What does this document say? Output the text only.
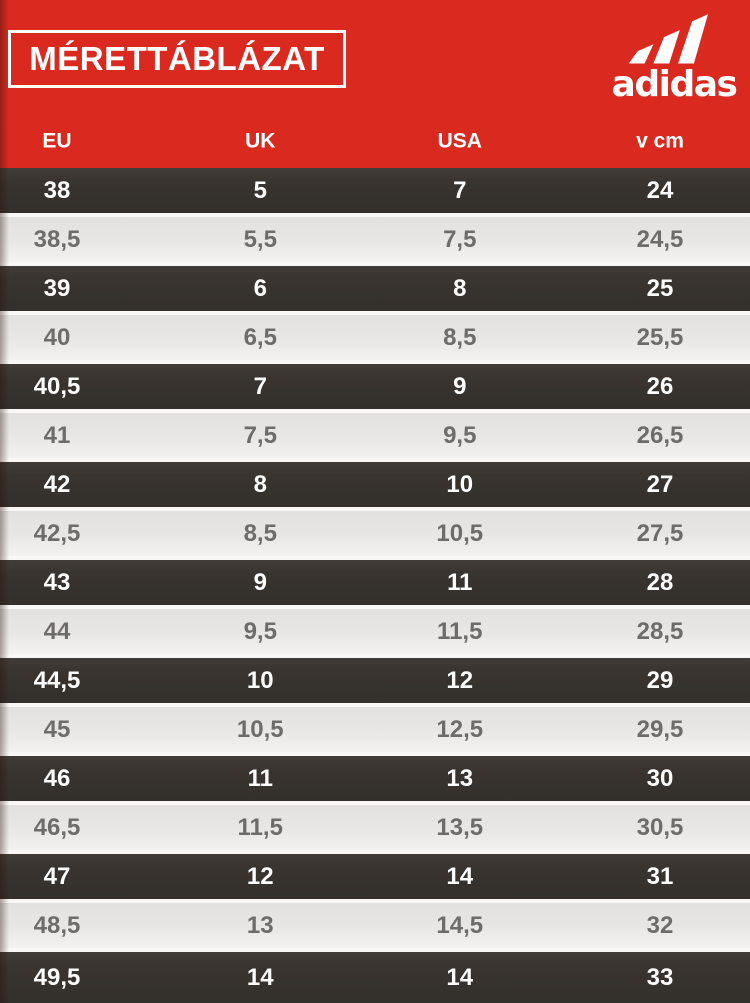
MÉRETTÁBLÁZAT
adidas
EU	UK	USA	v cm
38	5	7	24
38,5	5,5	7,5	24,5
39	6	8	25
40	6,5	8,5	25,5
40,5	7	9	26
41	7,5	9,5	26,5
42	8	10	27
42,5	8,5	10,5	27,5
43	9	11	28
44	9,5	11,5	28,5
44,5	10	12	29
45	10,5	12,5	29,5
46	11	13	30
46,5	11,5	13,5	30,5
47	12	14	31
48,5	13	14,5	32
49,5	14	14	33
